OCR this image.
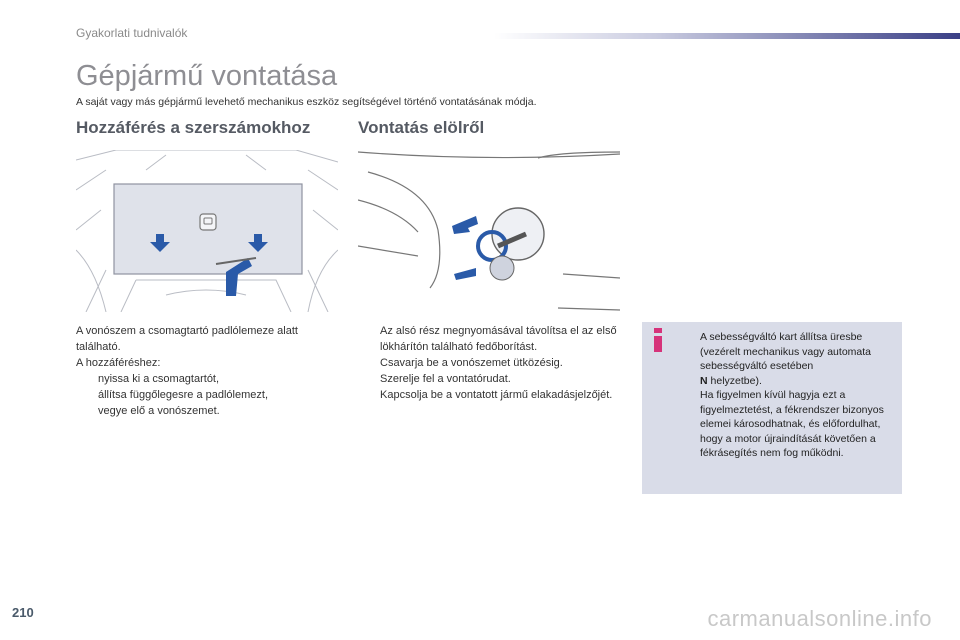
Gyakorlati tudnivalók
Gépjármű vontatása
A saját vagy más gépjármű levehető mechanikus eszköz segítségével történő vontatásának módja.
Hozzáférés a szerszámokhoz	Vontatás elölről
A vonószem a csomagtartó padlólemeze alatt található.
A hozzáféréshez:
nyissa ki a csomagtartót,
állítsa függőlegesre a padlólemezt,
vegye elő a vonószemet.
Az alsó rész megnyomásával távolítsa el az első lökhárítón található fedőborítást.
Csavarja be a vonószemet ütközésig.
Szerelje fel a vontatórudat.
Kapcsolja be a vontatott jármű elakadásjelzőjét.
A sebességváltó kart állítsa üresbe (vezérelt mechanikus vagy automata sebességváltó esetében
N helyzetbe).
Ha figyelmen kívül hagyja ezt a figyelmeztetést, a fékrendszer bizonyos elemei károsodhatnak, és előfordulhat, hogy a motor újraindítását követően a fékrásegítés nem fog működni.
210	carmanualsonline.info
